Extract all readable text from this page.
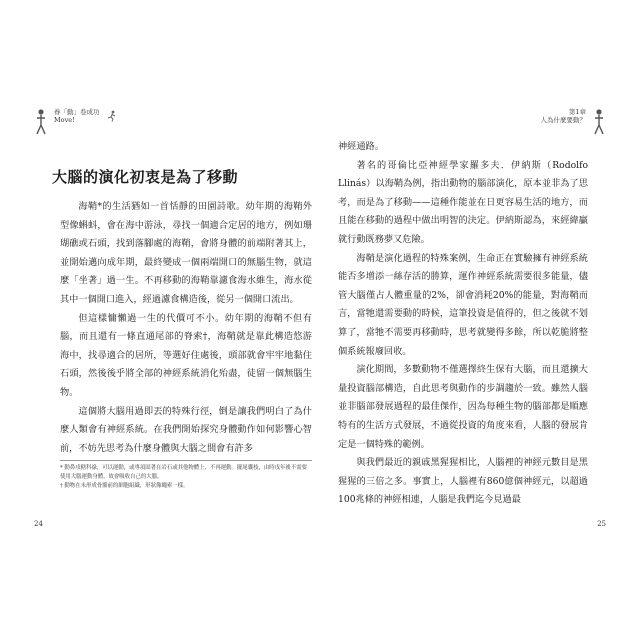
眷「動」卷成功
Move!
第1章
人為什麼要動？
大腦的演化初衷是為了移動

海鞘*的生活猶如一首恬靜的田園詩歌。幼年期的海鞘外型像蝌蚪，會在海中游泳，尋找一個適合定居的地方，例如珊瑚礁或石頭，找到落腳處的海鞘，會將身體的前端附著其上，並開始邁向成年期，最終變成一個兩端開口的無腦生物，就這麼「坐著」過一生。不再移動的海鞘靠濾食海水維生，海水從其中一個開口進入，經過濾食構造後，從另一個開口流出。

但這樣慵懶過一生的代價可不小。幼年期的海鞘不但有腦，而且還有一條直通尾部的脊索†，海鞘就是靠此構造悠游海中，找尋適合的居所，等選好住處後，頭部就會牢牢地黏住石頭，然後後乎將全部的神經系統消化殆盡，徒留一個無腦生物。

這個將大腦用過即丟的特殊行徑，倒是讓我們明白了為什麼人類會有神經系統。在我們開始探究身體動作如何影響心智前，不妨先思考為什麼身體與大腦之間會有許多

* 動鼻戌轄科祿，可以運動，或專項固著在岩石或其他物體上，不再運動。擺尾囊枝，由時戌年後不需要使用大腦運動身體，故會吸收自己的大腦。

† 動物在未形成骨骼前的細胞組織，形狀像繩索一樣。

神經通路。

著名的哥倫比亞神經學家羅多夫．伊納斯（Rodolfo Llinás）以海鞘為例，指出動物的腦部演化，原本並非為了思考，而是為了移動——這種作能並在日更容易生活的地方，而且能在移動的過程中做出明智的決定。伊納斯認為，來經緯贏就行動既務夢又危險。

海鞘是演化過程的特殊案例，生命正在實驗擁有神經系統能否多增添一絲存活的勝算，運作神經系統需要很多能量，儘管大腦僅占人體重量的2%，卻會消耗20%的能量，對海鞘而言，當牠還需要動的時候，這筆投資是值得的，但之後就不划算了，當牠不需要再移動時，思考就變得多餘，所以乾脆將整個系統報廢回收。

演化期間，多數動物不僅選擇終生保有大腦，而且還擴大量投資腦部構造，自此思考與動作的步調趨於一致。雖然人腦並非腦部發展過程的最佳傑作，因為每種生物的腦部都是順應特有的生活方式發展，不過從投資的角度來看，人腦的發展肯定是一個特殊的範例。

與我們最近的親戚黑猩猩相比，人腦裡的神經元數目是黑猩猩的三倍之多。事實上，人腦裡有860億個神經元，以超過100兆條的神經相連，人腦是我們迄今見過最

24	25
